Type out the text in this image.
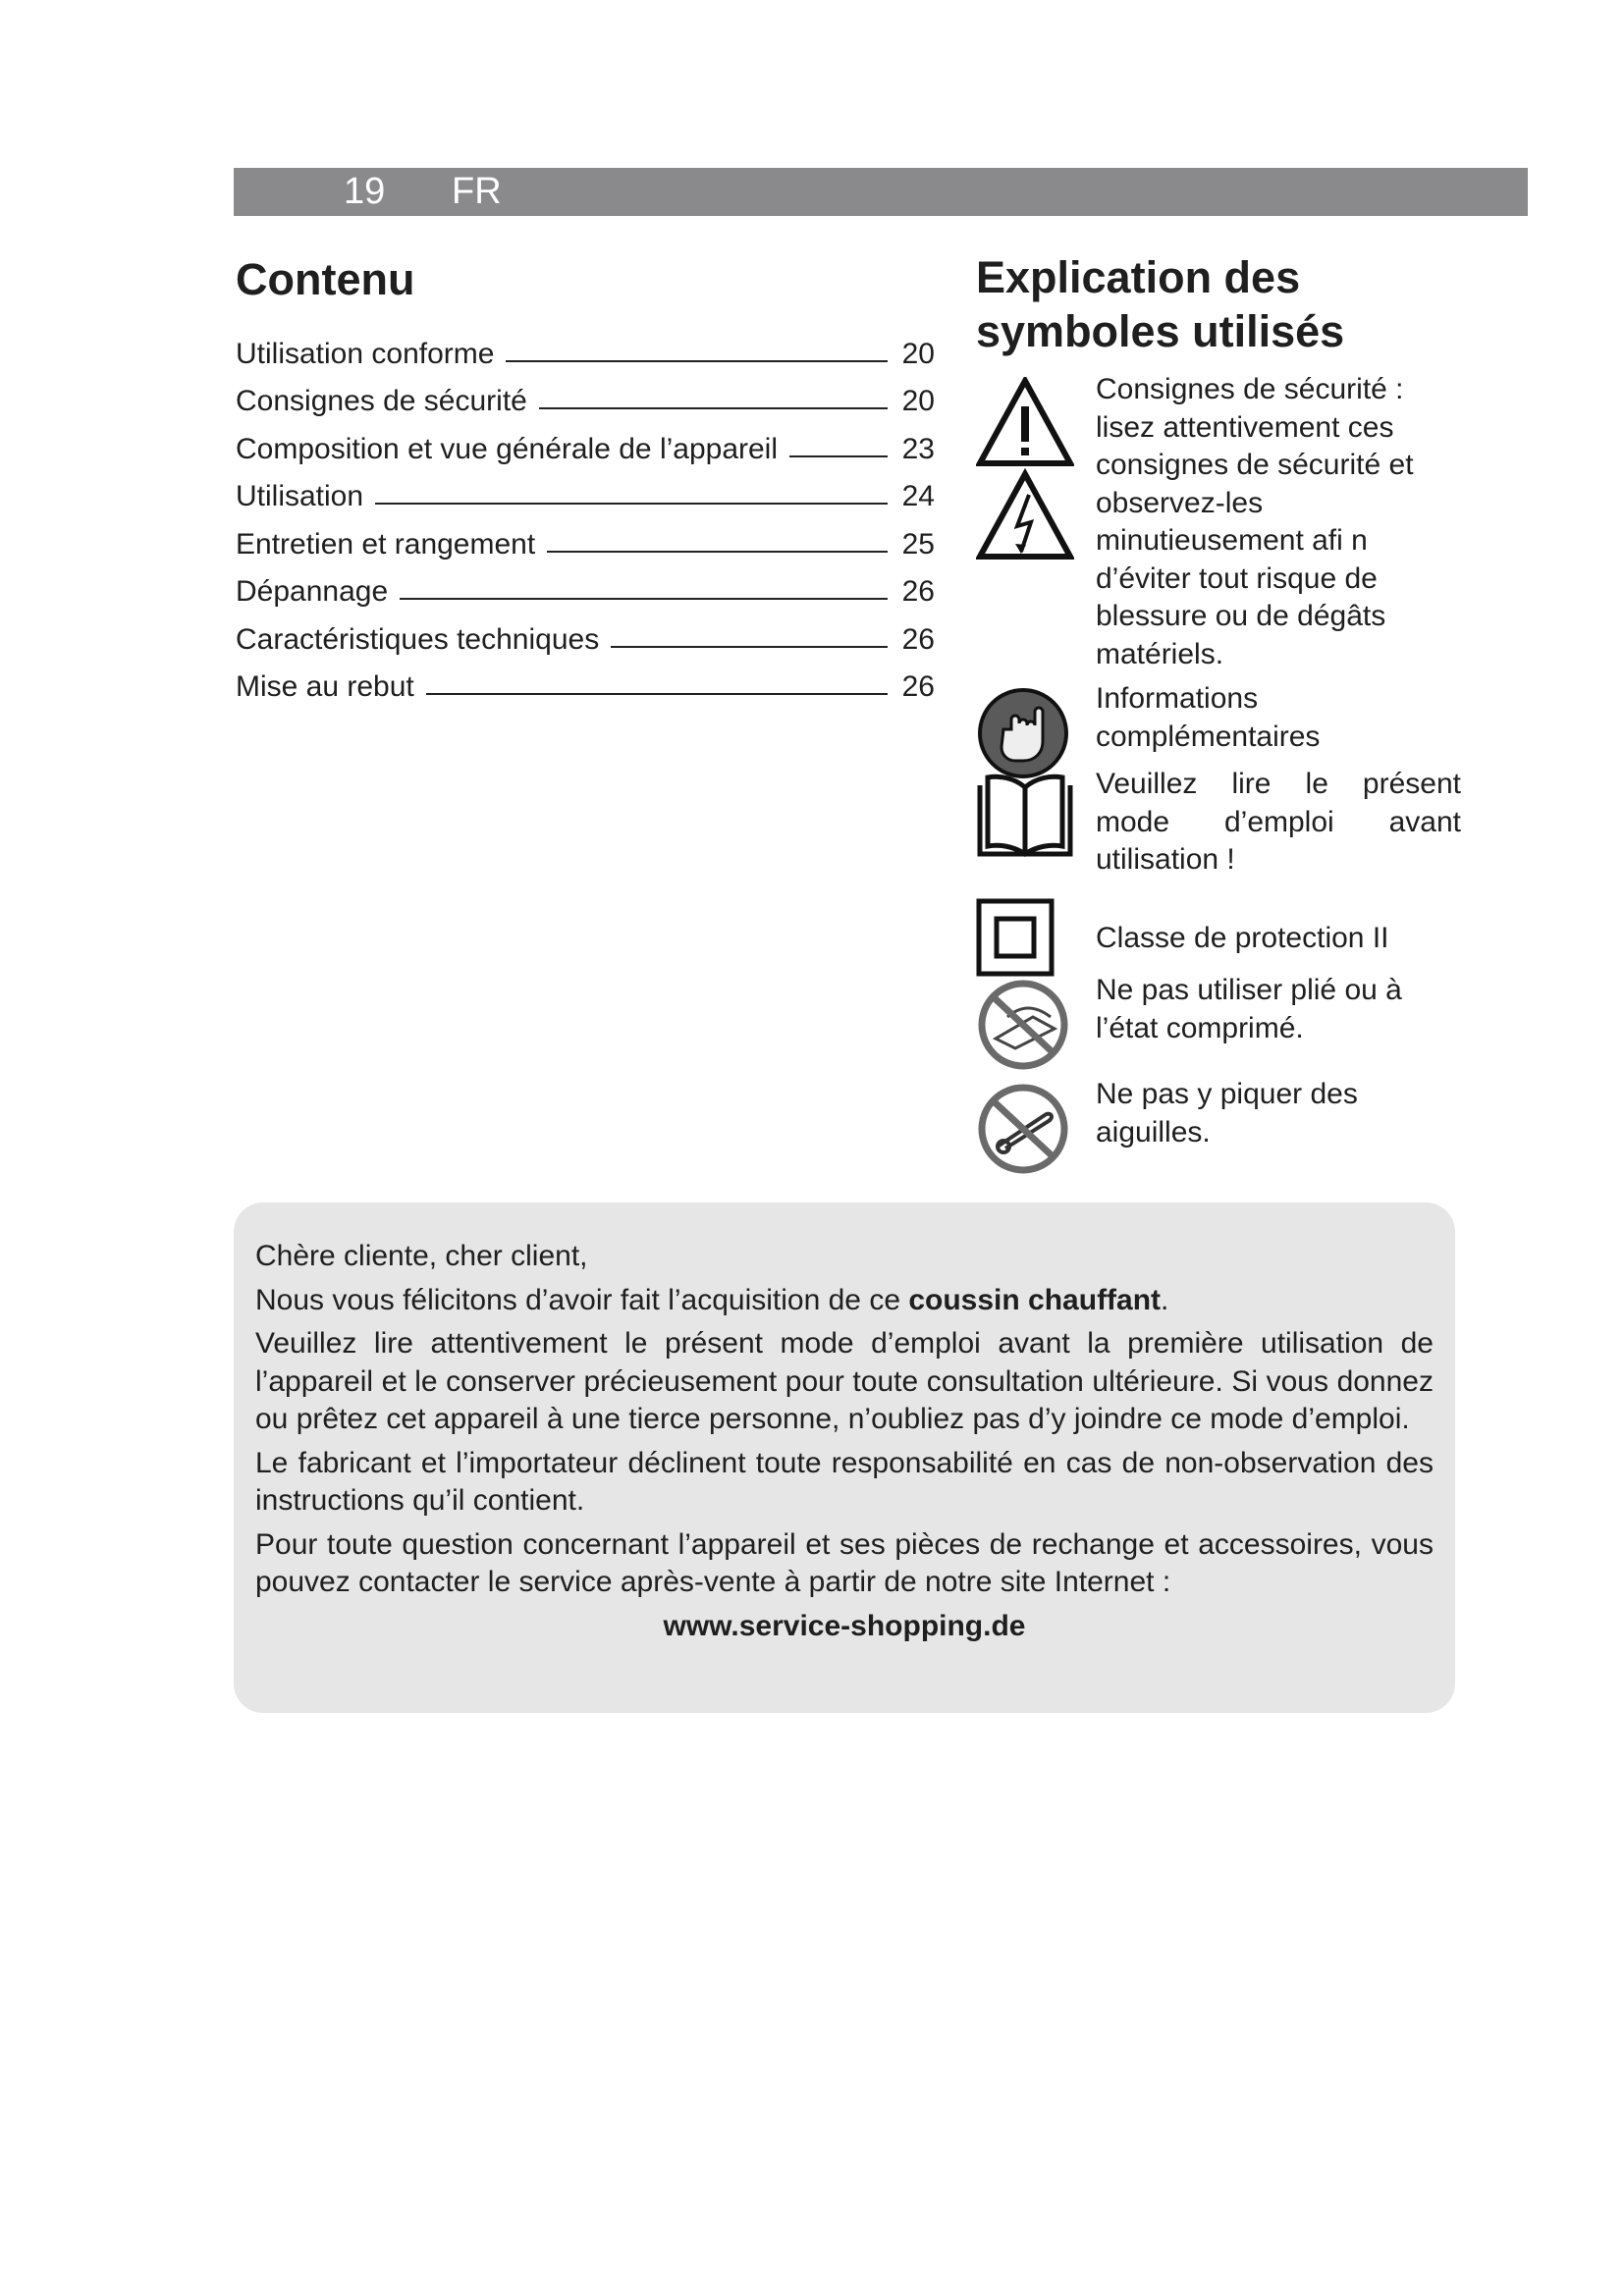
19 FR
Contenu
Utilisation conforme	20
Consignes de sécurité	20
Composition et vue générale de l’appareil	23
Utilisation	24
Entretien et rangement	25
Dépannage	26
Caractéristiques techniques	26
Mise au rebut	26
Explication des symboles utilisés
Consignes de sécurité : lisez attentivement ces consignes de sécurité et observez-les minutieusement afi n d’éviter tout risque de blessure ou de dégâts matériels.
Informations complémentaires
Veuillez lire le présent mode d’emploi avant utilisation !
Classe de protection II
Ne pas utiliser plié ou à l’état comprimé.
Ne pas y piquer des aiguilles.

Chère cliente, cher client,

Nous vous félicitons d’avoir fait l’acquisition de ce coussin chauffant.

Veuillez lire attentivement le présent mode d’emploi avant la première utilisation de l’appareil et le conserver précieusement pour toute consultation ultérieure. Si vous donnez ou prêtez cet appareil à une tierce personne, n’oubliez pas d’y joindre ce mode d’emploi.

Le fabricant et l’importateur déclinent toute responsabilité en cas de non-observation des instructions qu’il contient.

Pour toute question concernant l’appareil et ses pièces de rechange et accessoires, vous pouvez contacter le service après-vente à partir de notre site Internet :

www.service-shopping.de
